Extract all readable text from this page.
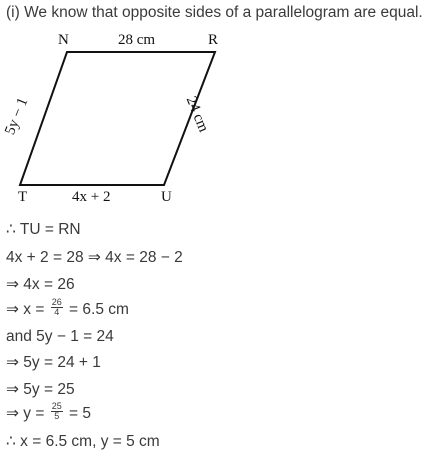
(i) We know that opposite sides of a parallelogram are equal.
N	R
T	U
28 cm
4x + 2
24 cm
5y − 1
∴ TU = RN
4x + 2 = 28 ⇒ 4x = 28 − 2
⇒ 4x = 26
⇒ $x = \frac{26}{4} = 6.5$ cm
and 5y − 1 = 24
⇒ 5y = 24 + 1
⇒ 5y = 25
⇒ $y = \frac{25}{5} = 5$
∴ x = 6.5 cm, y = 5 cm
